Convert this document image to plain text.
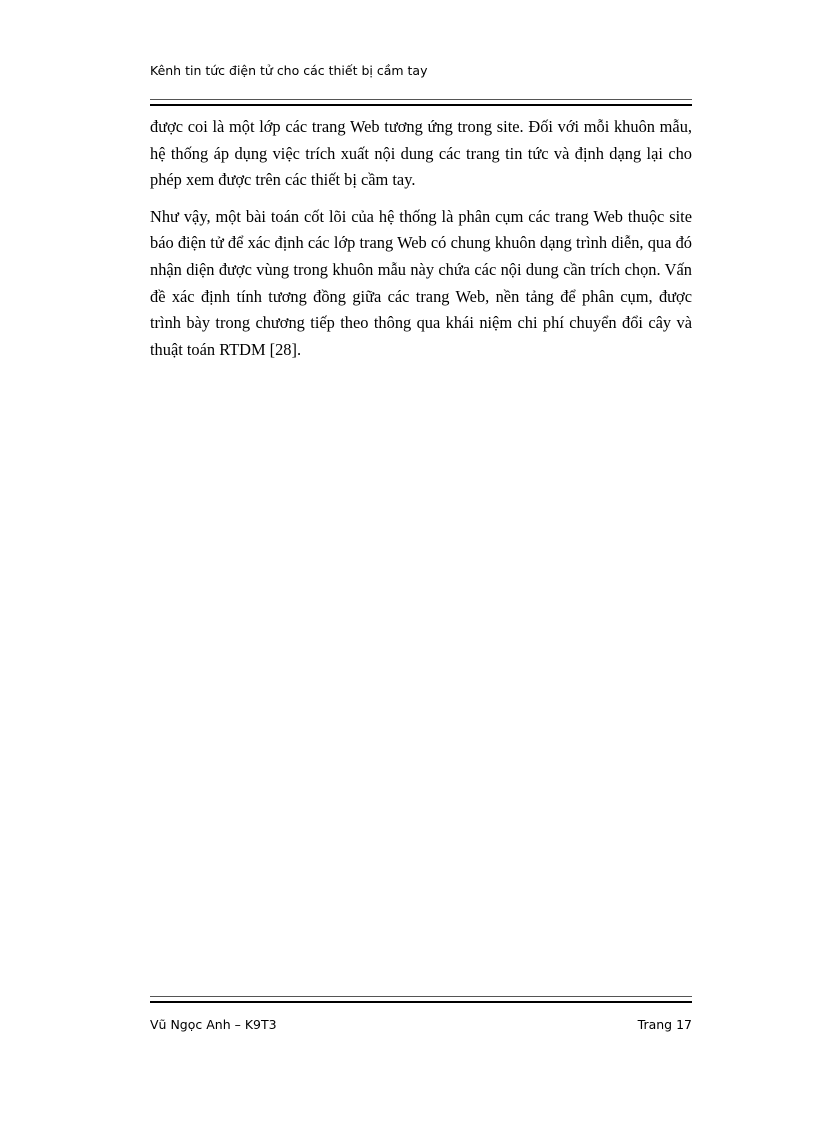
Kênh tin tức điện tử cho các thiết bị cầm tay

được coi là một lớp các trang Web tương ứng trong site. Đối với mỗi khuôn mẫu, hệ thống áp dụng việc trích xuất nội dung các trang tin tức và định dạng lại cho phép xem được trên các thiết bị cầm tay.

Như vậy, một bài toán cốt lõi của hệ thống là phân cụm các trang Web thuộc site báo điện tử để xác định các lớp trang Web có chung khuôn dạng trình diễn, qua đó nhận diện được vùng trong khuôn mẫu này chứa các nội dung cần trích chọn. Vấn đề xác định tính tương đồng giữa các trang Web, nền tảng để phân cụm, được trình bày trong chương tiếp theo thông qua khái niệm chi phí chuyển đổi cây và thuật toán RTDM [28].

Vũ Ngọc Anh – K9T3	Trang 17
